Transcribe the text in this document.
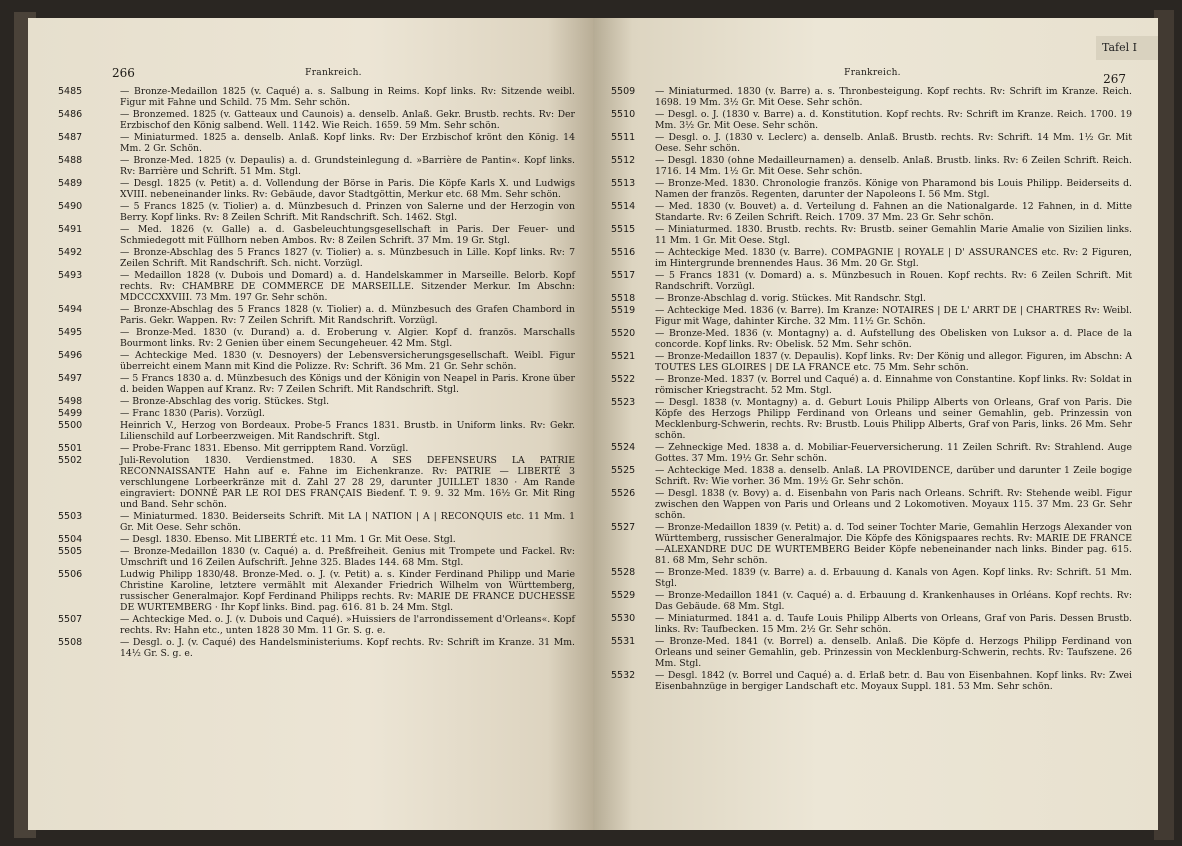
266	Frankreich.
5485	— Bronze-Medaillon 1825 (v. Caqué) a. s. Salbung in Reims. Kopf links. Rv: Sitzende weibl. Figur mit Fahne und Schild. 75 Mm. Sehr schön.
5486	— Bronzemed. 1825 (v. Gatteaux und Caunois) a. denselb. Anlaß. Gekr. Brustb. rechts. Rv: Der Erzbischof den König salbend. Well. 1142. Wie Reich. 1659. 59 Mm. Sehr schön.
5487	— Miniaturmed. 1825 a. denselb. Anlaß. Kopf links. Rv: Der Erzbischof krönt den König. 14 Mm. 2 Gr. Schön.
5488	— Bronze-Med. 1825 (v. Depaulis) a. d. Grundsteinlegung d. »Barrière de Pantin«. Kopf links. Rv: Barrière und Schrift. 51 Mm. Stgl.
5489	— Desgl. 1825 (v. Petit) a. d. Vollendung der Börse in Paris. Die Köpfe Karls X. und Ludwigs XVIII. nebeneinander links. Rv: Gebäude, davor Stadtgöttin, Merkur etc. 68 Mm. Sehr schön.
5490	— 5 Francs 1825 (v. Tiolier) a. d. Münzbesuch d. Prinzen von Salerne und der Herzogin von Berry. Kopf links. Rv: 8 Zeilen Schrift. Mit Randschrift. Sch. 1462. Stgl.
5491	— Med. 1826 (v. Galle) a. d. Gasbeleuchtungsgesellschaft in Paris. Der Feuer- und Schmiedegott mit Füllhorn neben Ambos. Rv: 8 Zeilen Schrift. 37 Mm. 19 Gr. Stgl.
5492	— Bronze-Abschlag des 5 Francs 1827 (v. Tiolier) a. s. Münzbesuch in Lille. Kopf links. Rv: 7 Zeilen Schrift. Mit Randschrift. Sch. nicht. Vorzügl.
5493	— Medaillon 1828 (v. Dubois und Domard) a. d. Handelskammer in Marseille. Belorb. Kopf rechts. Rv: CHAMBRE DE COMMERCE DE MARSEILLE. Sitzender Merkur. Im Abschn: MDCCCXXVIII. 73 Mm. 197 Gr. Sehr schön.
5494	— Bronze-Abschlag des 5 Francs 1828 (v. Tiolier) a. d. Münzbesuch des Grafen Chambord in Paris. Gekr. Wappen. Rv: 7 Zeilen Schrift. Mit Randschrift. Vorzügl.
5495	— Bronze-Med. 1830 (v. Durand) a. d. Eroberung v. Algier. Kopf d. französ. Marschalls Bourmont links. Rv: 2 Genien über einem Secungeheuer. 42 Mm. Stgl.
5496	— Achteckige Med. 1830 (v. Desnoyers) der Lebensversicherungsgesellschaft. Weibl. Figur überreicht einem Mann mit Kind die Polizze. Rv: Schrift. 36 Mm. 21 Gr. Sehr schön.
5497	— 5 Francs 1830 a. d. Münzbesuch des Königs und der Königin von Neapel in Paris. Krone über d. beiden Wappen auf Kranz. Rv: 7 Zeilen Schrift. Mit Randschrift. Stgl.
5498	— Bronze-Abschlag des vorig. Stückes. Stgl.
5499	— Franc 1830 (Paris). Vorzügl.
5500	Heinrich V., Herzog von Bordeaux. Probe-5 Francs 1831. Brustb. in Uniform links. Rv: Gekr. Lilienschild auf Lorbeerzweigen. Mit Randschrift. Stgl.
5501	— Probe-Franc 1831. Ebenso. Mit gerripptem Rand. Vorzügl.
5502	Juli-Revolution 1830. Verdienstmed. 1830. A SES DEFENSEURS LA PATRIE RECONNAISSANTE Hahn auf e. Fahne im Eichenkranze. Rv: PATRIE — LIBERTÉ 3 verschlungene Lorbeerkränze mit d. Zahl 27 28 29, darunter JUILLET 1830 · Am Rande eingraviert: DONNÉ PAR LE ROI DES FRANÇAIS Biedenf. T. 9. 9. 32 Mm. 16½ Gr. Mit Ring und Band. Sehr schön.
5503	— Miniaturmed. 1830. Beiderseits Schrift. Mit LA | NATION | A | RECONQUIS etc. 11 Mm. 1 Gr. Mit Oese. Sehr schön.
5504	— Desgl. 1830. Ebenso. Mit LIBERTÉ etc. 11 Mm. 1 Gr. Mit Oese. Stgl.
5505	— Bronze-Medaillon 1830 (v. Caqué) a. d. Preßfreiheit. Genius mit Trompete und Fackel. Rv: Umschrift und 16 Zeilen Aufschrift. Jehne 325. Blades 144. 68 Mm. Stgl.
5506	Ludwig Philipp 1830/48. Bronze-Med. o. J. (v. Petit) a. s. Kinder Ferdinand Philipp und Marie Christine Karoline, letztere vermählt mit Alexander Friedrich Wilhelm von Württemberg, russischer Generalmajor. Kopf Ferdinand Philipps rechts. Rv: MARIE DE FRANCE DUCHESSE DE WURTEMBERG · Ihr Kopf links. Bind. pag. 616. 81 b. 24 Mm. Stgl.
5507	— Achteckige Med. o. J. (v. Dubois und Caqué). »Huissiers de l'arrondissement d'Orleans«. Kopf rechts. Rv: Hahn etc., unten 1828 30 Mm. 11 Gr. S. g. e.
5508	— Desgl. o. J. (v. Caqué) des Handelsministeriums. Kopf rechts. Rv: Schrift im Kranze. 31 Mm. 14½ Gr. S. g. e.
Tafel I
Frankreich.	267
5509	— Miniaturmed. 1830 (v. Barre) a. s. Thronbesteigung. Kopf rechts. Rv: Schrift im Kranze. Reich. 1698. 19 Mm. 3½ Gr. Mit Oese. Sehr schön.
5510	— Desgl. o. J. (1830 v. Barre) a. d. Konstitution. Kopf rechts. Rv: Schrift im Kranze. Reich. 1700. 19 Mm. 3½ Gr. Mit Oese. Sehr schön.
5511	— Desgl. o. J. (1830 v. Leclerc) a. denselb. Anlaß. Brustb. rechts. Rv: Schrift. 14 Mm. 1½ Gr. Mit Oese. Sehr schön.
5512	— Desgl. 1830 (ohne Medailleurnamen) a. denselb. Anlaß. Brustb. links. Rv: 6 Zeilen Schrift. Reich. 1716. 14 Mm. 1½ Gr. Mit Oese. Sehr schön.
5513	— Bronze-Med. 1830. Chronologie französ. Könige von Pharamond bis Louis Philipp. Beiderseits d. Namen der französ. Regenten, darunter der Napoleons I. 56 Mm. Stgl.
5514	— Med. 1830 (v. Bouvet) a. d. Verteilung d. Fahnen an die Nationalgarde. 12 Fahnen, in d. Mitte Standarte. Rv: 6 Zeilen Schrift. Reich. 1709. 37 Mm. 23 Gr. Sehr schön.
5515	— Miniaturmed. 1830. Brustb. rechts. Rv: Brustb. seiner Gemahlin Marie Amalie von Sizilien links. 11 Mm. 1 Gr. Mit Oese. Stgl.
5516	— Achteckige Med. 1830 (v. Barre). COMPAGNIE | ROYALE | D' ASSURANCES etc. Rv: 2 Figuren, im Hintergrunde brennendes Haus. 36 Mm. 20 Gr. Stgl.
5517	— 5 Francs 1831 (v. Domard) a. s. Münzbesuch in Rouen. Kopf rechts. Rv: 6 Zeilen Schrift. Mit Randschrift. Vorzügl.
5518	— Bronze-Abschlag d. vorig. Stückes. Mit Randschr. Stgl.
5519	— Achteckige Med. 1836 (v. Barre). Im Kranze: NOTAIRES | DE L' ARRT DE | CHARTRES Rv: Weibl. Figur mit Wage, dahinter Kirche. 32 Mm. 11½ Gr. Schön.
5520	— Bronze-Med. 1836 (v. Montagny) a. d. Aufstellung des Obelisken von Luksor a. d. Place de la concorde. Kopf links. Rv: Obelisk. 52 Mm. Sehr schön.
5521	— Bronze-Medaillon 1837 (v. Depaulis). Kopf links. Rv: Der König und allegor. Figuren, im Abschn: A TOUTES LES GLOIRES | DE LA FRANCE etc. 75 Mm. Sehr schön.
5522	— Bronze-Med. 1837 (v. Borrel und Caqué) a. d. Einnahme von Constantine. Kopf links. Rv: Soldat in römischer Kriegstracht. 52 Mm. Stgl.
5523	— Desgl. 1838 (v. Montagny) a. d. Geburt Louis Philipp Alberts von Orleans, Graf von Paris. Die Köpfe des Herzogs Philipp Ferdinand von Orleans und seiner Gemahlin, geb. Prinzessin von Mecklenburg-Schwerin, rechts. Rv: Brustb. Louis Philipp Alberts, Graf von Paris, links. 26 Mm. Sehr schön.
5524	— Zehneckige Med. 1838 a. d. Mobiliar-Feuerversicherung. 11 Zeilen Schrift. Rv: Strahlend. Auge Gottes. 37 Mm. 19½ Gr. Sehr schön.
5525	— Achteckige Med. 1838 a. denselb. Anlaß. LA PROVIDENCE, darüber und darunter 1 Zeile bogige Schrift. Rv: Wie vorher. 36 Mm. 19½ Gr. Sehr schön.
5526	— Desgl. 1838 (v. Bovy) a. d. Eisenbahn von Paris nach Orleans. Schrift. Rv: Stehende weibl. Figur zwischen den Wappen von Paris und Orleans und 2 Lokomotiven. Moyaux 115. 37 Mm. 23 Gr. Sehr schön.
5527	— Bronze-Medaillon 1839 (v. Petit) a. d. Tod seiner Tochter Marie, Gemahlin Herzogs Alexander von Württemberg, russischer Generalmajor. Die Köpfe des Königspaares rechts. Rv: MARIE DE FRANCE—ALEXANDRE DUC DE WURTEMBERG Beider Köpfe nebeneinander nach links. Binder pag. 615. 81. 68 Mm, Sehr schön.
5528	— Bronze-Med. 1839 (v. Barre) a. d. Erbauung d. Kanals von Agen. Kopf links. Rv: Schrift. 51 Mm. Stgl.
5529	— Bronze-Medaillon 1841 (v. Caqué) a. d. Erbauung d. Krankenhauses in Orléans. Kopf rechts. Rv: Das Gebäude. 68 Mm. Stgl.
5530	— Miniaturmed. 1841 a. d. Taufe Louis Philipp Alberts von Orleans, Graf von Paris. Dessen Brustb. links. Rv: Taufbecken. 15 Mm. 2½ Gr. Sehr schön.
5531	— Bronze-Med. 1841 (v. Borrel) a. denselb. Anlaß. Die Köpfe d. Herzogs Philipp Ferdinand von Orleans und seiner Gemahlin, geb. Prinzessin von Mecklenburg-Schwerin, rechts. Rv: Taufszene. 26 Mm. Stgl.
5532	— Desgl. 1842 (v. Borrel und Caqué) a. d. Erlaß betr. d. Bau von Eisenbahnen. Kopf links. Rv: Zwei Eisenbahnzüge in bergiger Landschaft etc. Moyaux Suppl. 181. 53 Mm. Sehr schön.
